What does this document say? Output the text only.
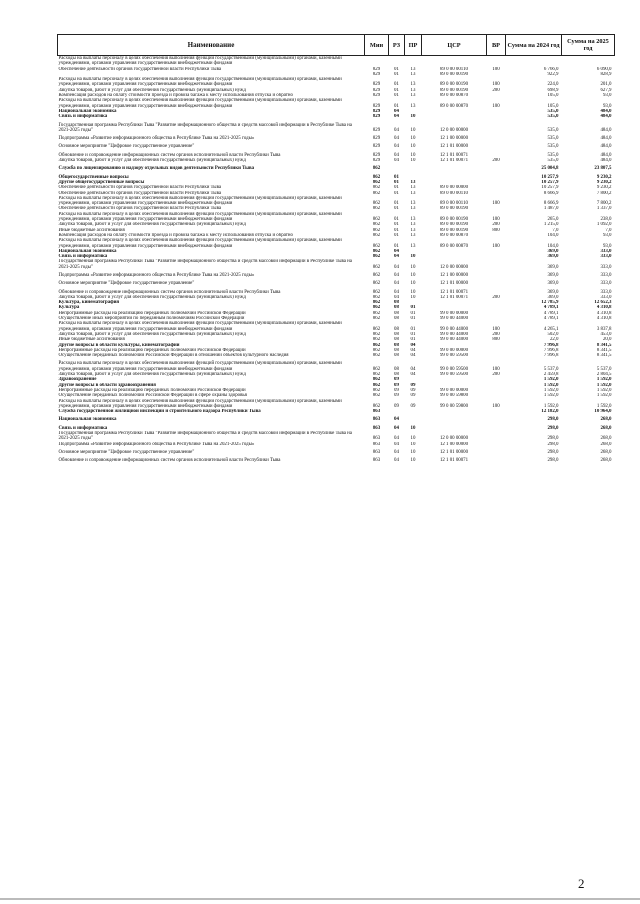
Наименование	Мин	РЗ	ПР	ЦСР	ВР	Сумма на 2024 год	Сумма на 2025 год
Расходы на выплаты персоналу в целях обеспечения выполнения функций государственными (муниципальными) органами, казенными учреждениями, органами управления государственными внебюджетными фондами							
Обеспечение деятельности органов государственной власти Республики Тыва	829	01	13	89 0 00 00110	100	6 766,0	6 090,0
	829	01	13	89 0 00 00190		922,9	828,9
Расходы на выплаты персоналу в целях обеспечения выполнения функций государственными (муниципальными) органами, казенными учреждениями, органами управления государственными внебюджетными фондами	829	01	13	89 0 00 00190	100	224,0	201,0
Закупка товаров, работ и услуг для обеспечения государственных (муниципальных) нужд	829	01	13	89 0 00 00190	200	698,9	627,9
Компенсация расходов на оплату стоимости проезда и провоза багажа к месту использования отпуска и обратно	829	01	13	89 0 00 00870		105,0	93,0
Расходы на выплаты персоналу в целях обеспечения выполнения функций государственными (муниципальными) органами, казенными учреждениями, органами управления государственными внебюджетными фондами	829	01	13	89 0 00 00870	100	105,0	93,0
Национальная экономика	829	04				535,0	484,0
Связь и информатика	829	04	10			535,0	484,0
Государственная программа Республики Тыва "Развитие информационного общества и средств массовой информации в Республике Тыва на 2021-2025 годы"	829	04	10	12 0 00 00000		535,0	484,0
Подпрограмма «Развитие информационного общества в Республике Тыва на 2021-2025 годы»	829	04	10	12 1 00 00000		535,0	484,0
Основное мероприятие "Цифровое государственное управление"	829	04	10	12 1 01 00000		535,0	484,0
Обновление и сопровождение информационных систем органов исполнительной власти Республики Тыва	829	04	10	12 1 01 00071		535,0	484,0
Закупка товаров, работ и услуг для обеспечения государственных (муниципальных) нужд	829	04	10	12 1 01 00071	200	535,0	484,0
Служба по лицензированию и надзору отдельных видов деятельности Республики Тыва	862					25 004,8	23 807,5
Общегосударственные вопросы	862	01				10 257,9	9 230,2
Другие общегосударственные вопросы	862	01	13			10 257,9	9 230,2
Обеспечение деятельности органов государственной власти Республики Тыва	862	01	13	89 0 00 00000		10 257,9	9 230,2
Обеспечение деятельности органов государственной власти Республики Тыва	862	01	13	89 0 00 00110		8 666,9	7 800,2
Расходы на выплаты персоналу в целях обеспечения выполнения функций государственными (муниципальными) органами, казенными учреждениями, органами управления государственными внебюджетными фондами	862	01	13	89 0 00 00110	100	8 666,9	7 800,2
Обеспечение деятельности органов государственной власти Республики Тыва	862	01	13	89 0 00 00190		1 487,0	1 337,0
Расходы на выплаты персоналу в целях обеспечения выполнения функций государственными (муниципальными) органами, казенными учреждениями, органами управления государственными внебюджетными фондами	862	01	13	89 0 00 00190	100	265,0	238,0
Закупка товаров, работ и услуг для обеспечения государственных (муниципальных) нужд	862	01	13	89 0 00 00190	200	1 215,0	1 092,0
Иные бюджетные ассигнования	862	01	13	89 0 00 00190	800	7,0	7,0
Компенсация расходов на оплату стоимости проезда и провоза багажа к месту использования отпуска и обратно	862	01	13	89 0 00 00870		104,0	93,0
Расходы на выплаты персоналу в целях обеспечения выполнения функций государственными (муниципальными) органами, казенными учреждениями, органами управления государственными внебюджетными фондами	862	01	13	89 0 00 00870	100	104,0	93,0
Национальная экономика	862	04				369,0	333,0
Связь и информатика	862	04	10			369,0	333,0
Государственная программа Республики Тыва "Развитие информационного общества и средств массовой информации в Республике Тыва на 2021-2025 годы"	862	04	10	12 0 00 00000		369,0	333,0
Подпрограмма «Развитие информационного общества в Республике Тыва на 2021-2025 годы»	862	04	10	12 1 00 00000		369,0	333,0
Основное мероприятие "Цифровое государственное управление"	862	04	10	12 1 01 00000		369,0	333,0
Обновление и сопровождение информационных систем органов исполнительной власти Республики Тыва	862	04	10	12 1 01 00071		369,0	333,0
Закупка товаров, работ и услуг для обеспечения государственных (муниципальных) нужд	862	04	10	12 1 01 00071	200	369,0	333,0
Культура, кинематография	862	08				12 785,9	12 652,3
Культура	862	08	01			4 789,1	4 310,8
Непрограммные расходы на реализацию переданных полномочий Российской Федерации	862	08	01	99 0 00 00000		4 789,1	4 310,8
Осуществление иных мероприятий по переданным полномочиям Российской Федерации	862	08	01	99 0 00 44000		4 789,1	4 310,8
Расходы на выплаты персоналу в целях обеспечения выполнения функций государственными (муниципальными) органами, казенными учреждениями, органами управления государственными внебюджетными фондами	862	08	01	99 0 00 44000	100	4 265,1	3 837,8
Закупка товаров, работ и услуг для обеспечения государственных (муниципальных) нужд	862	08	01	99 0 00 44000	200	502,0	453,0
Иные бюджетные ассигнования	862	08	01	99 0 00 44000	800	22,0	20,0
Другие вопросы в области культуры, кинематографии	862	08	04			7 996,8	8 341,5
Непрограммные расходы на реализацию переданных полномочий Российской Федерации	862	08	04	99 0 00 00000		7 996,8	8 341,5
Осуществление переданных полномочий Российской Федерации в отношении объектов культурного наследия	862	08	04	99 0 00 59500		7 996,8	8 341,5
Расходы на выплаты персоналу в целях обеспечения выполнения функций государственными (муниципальными) органами, казенными учреждениями, органами управления государственными внебюджетными фондами	862	08	04	99 0 00 59500	100	5 537,0	5 537,0
Закупка товаров, работ и услуг для обеспечения государственных (муниципальных) нужд	862	08	04	99 0 00 59500	200	2 459,8	2 804,5
Здравоохранение	862	09				1 592,0	1 592,0
Другие вопросы в области здравоохранения	862	09	09			1 592,0	1 592,0
Непрограммные расходы на реализацию переданных полномочий Российской Федерации	862	09	09	99 0 00 00000		1 592,0	1 592,0
Осуществление переданных полномочий Российской Федерации в сфере охраны здоровья	862	09	09	99 0 00 59800		1 592,0	1 592,0
Расходы на выплаты персоналу в целях обеспечения выполнения функций государственными (муниципальными) органами, казенными учреждениями, органами управления государственными внебюджетными фондами	862	09	09	99 0 00 59800	100	1 592,0	1 592,0
Служба государственной жилищной инспекции и строительного надзора Республики Тыва	863					12 182,0	10 964,0
Национальная экономика	863	04				298,0	268,0
Связь и информатика	863	04	10			298,0	268,0
Государственная программа Республики Тыва "Развитие информационного общества и средств массовой информации в Республике Тыва на 2021-2025 годы"	863	04	10	12 0 00 00000		298,0	268,0
Подпрограмма «Развитие информационного общества в Республике Тыва на 2021-2025 годы»	863	04	10	12 1 00 00000		298,0	268,0
Основное мероприятие "Цифровое государственное управление"	863	04	10	12 1 01 00000		298,0	268,0
Обновление и сопровождение информационных систем органов исполнительной власти Республики Тыва	863	04	10	12 1 01 00071		298,0	268,0
2
